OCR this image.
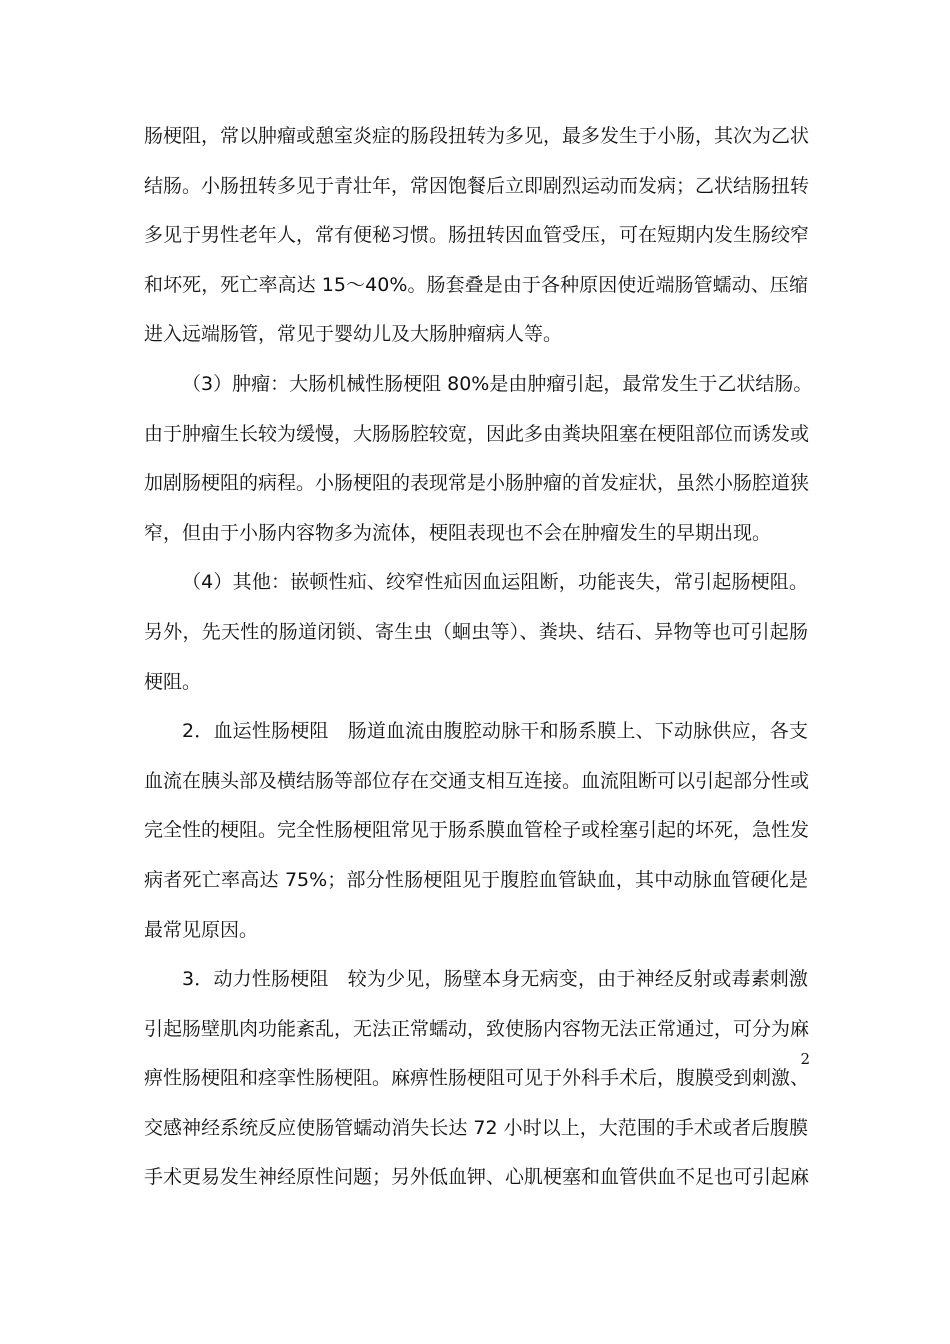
肠梗阻，常以肿瘤或憩室炎症的肠段扭转为多见，最多发生于小肠，其次为乙状
结肠。小肠扭转多见于青壮年，常因饱餐后立即剧烈运动而发病；乙状结肠扭转
多见于男性老年人，常有便秘习惯。肠扭转因血管受压，可在短期内发生肠绞窄
和坏死，死亡率高达 15～40%。肠套叠是由于各种原因使近端肠管蠕动、压缩
进入远端肠管，常见于婴幼儿及大肠肿瘤病人等。
（3）肿瘤：大肠机械性肠梗阻 80%是由肿瘤引起，最常发生于乙状结肠。
由于肿瘤生长较为缓慢，大肠肠腔较宽，因此多由粪块阻塞在梗阻部位而诱发或
加剧肠梗阻的病程。小肠梗阻的表现常是小肠肿瘤的首发症状，虽然小肠腔道狭
窄，但由于小肠内容物多为流体，梗阻表现也不会在肿瘤发生的早期出现。
（4）其他：嵌顿性疝、绞窄性疝因血运阻断，功能丧失，常引起肠梗阻。
另外，先天性的肠道闭锁、寄生虫（蛔虫等）、粪块、结石、异物等也可引起肠
梗阻。
2．血运性肠梗阻　肠道血流由腹腔动脉干和肠系膜上、下动脉供应，各支
血流在胰头部及横结肠等部位存在交通支相互连接。血流阻断可以引起部分性或
完全性的梗阻。完全性肠梗阻常见于肠系膜血管栓子或栓塞引起的坏死，急性发
病者死亡率高达 75%；部分性肠梗阻见于腹腔血管缺血，其中动脉血管硬化是
最常见原因。
3．动力性肠梗阻　较为少见，肠壁本身无病变，由于神经反射或毒素刺激
引起肠壁肌肉功能紊乱，无法正常蠕动，致使肠内容物无法正常通过，可分为麻
痹性肠梗阻和痉挛性肠梗阻。麻痹性肠梗阻可见于外科手术后，腹膜受到刺激、
交感神经系统反应使肠管蠕动消失长达 72 小时以上，大范围的手术或者后腹膜
手术更易发生神经原性问题；另外低血钾、心肌梗塞和血管供血不足也可引起麻
2
